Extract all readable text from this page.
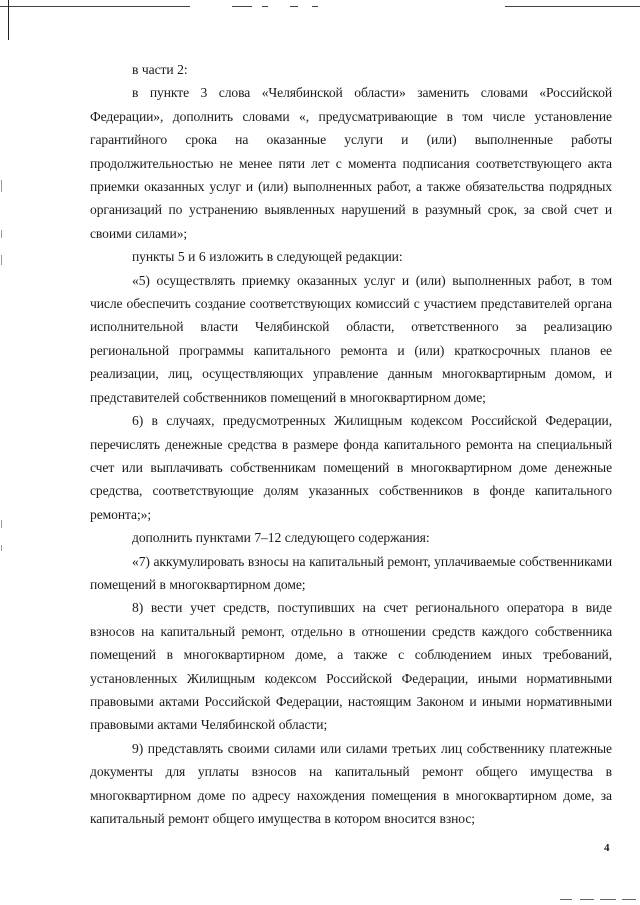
в части 2:

в пункте 3 слова «Челябинской области» заменить словами «Российской Федерации», дополнить словами «, предусматривающие в том числе установление гарантийного срока на оказанные услуги и (или) выполненные работы продолжительностью не менее пяти лет с момента подписания соответствующего акта приемки оказанных услуг и (или) выполненных работ, а также обязательства подрядных организаций по устранению выявленных нарушений в разумный срок, за свой счет и своими силами»;

пункты 5 и 6 изложить в следующей редакции:

«5) осуществлять приемку оказанных услуг и (или) выполненных работ, в том числе обеспечить создание соответствующих комиссий с участием представителей органа исполнительной власти Челябинской области, ответственного за реализацию региональной программы капитального ремонта и (или) краткосрочных планов ее реализации, лиц, осуществляющих управление данным многоквартирным домом, и представителей собственников помещений в многоквартирном доме;

6) в случаях, предусмотренных Жилищным кодексом Российской Федерации, перечислять денежные средства в размере фонда капитального ремонта на специальный счет или выплачивать собственникам помещений в многоквартирном доме денежные средства, соответствующие долям указанных собственников в фонде капитального ремонта;»;

дополнить пунктами 7–12 следующего содержания:

«7) аккумулировать взносы на капитальный ремонт, уплачиваемые собственниками помещений в многоквартирном доме;

8) вести учет средств, поступивших на счет регионального оператора в виде взносов на капитальный ремонт, отдельно в отношении средств каждого собственника помещений в многоквартирном доме, а также с соблюдением иных требований, установленных Жилищным кодексом Российской Федерации, иными нормативными правовыми актами Российской Федерации, настоящим Законом и иными нормативными правовыми актами Челябинской области;

9) представлять своими силами или силами третьих лиц собственнику платежные документы для уплаты взносов на капитальный ремонт общего имущества в многоквартирном доме по адресу нахождения помещения в многоквартирном доме, за капитальный ремонт общего имущества в котором вносится взнос;

4
